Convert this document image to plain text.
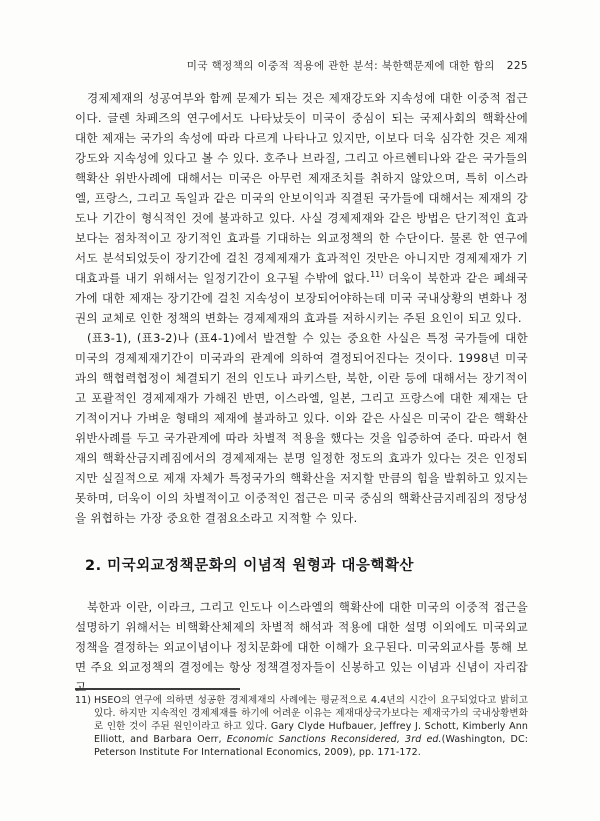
미국 핵정책의 이중적 적용에 관한 분석: 북한핵문제에 대한 함의 225

경제제재의 성공여부와 함께 문제가 되는 것은 제재강도와 지속성에 대한 이중적 접근이다. 글렌 차페즈의 연구에서도 나타났듯이 미국이 중심이 되는 국제사회의 핵확산에 대한 제재는 국가의 속성에 따라 다르게 나타나고 있지만, 이보다 더욱 심각한 것은 제재강도와 지속성에 있다고 볼 수 있다. 호주나 브라질, 그리고 아르헨티나와 같은 국가들의 핵확산 위반사례에 대해서는 미국은 아무런 제재조치를 취하지 않았으며, 특히 이스라엘, 프랑스, 그리고 독일과 같은 미국의 안보이익과 직결된 국가들에 대해서는 제재의 강도나 기간이 형식적인 것에 불과하고 있다. 사실 경제제재와 같은 방법은 단기적인 효과보다는 점차적이고 장기적인 효과를 기대하는 외교정책의 한 수단이다. 물론 한 연구에서도 분석되었듯이 장기간에 걸친 경제제재가 효과적인 것만은 아니지만 경제제재가 기대효과를 내기 위해서는 일정기간이 요구될 수밖에 없다.$^{11)}$ 더욱이 북한과 같은 폐쇄국가에 대한 제재는 장기간에 걸친 지속성이 보장되어야하는데 미국 국내상황의 변화나 정권의 교체로 인한 정책의 변화는 경제제재의 효과를 저하시키는 주된 요인이 되고 있다.

(표3-1), (표3-2)나 (표4-1)에서 발견할 수 있는 중요한 사실은 특정 국가들에 대한 미국의 경제제재기간이 미국과의 관계에 의하여 결정되어진다는 것이다. 1998년 미국과의 핵협력협정이 체결되기 전의 인도나 파키스탄, 북한, 이란 등에 대해서는 장기적이고 포괄적인 경제제재가 가해진 반면, 이스라엘, 일본, 그리고 프랑스에 대한 제재는 단기적이거나 가벼운 형태의 제재에 불과하고 있다. 이와 같은 사실은 미국이 같은 핵확산위반사례를 두고 국가관계에 따라 차별적 적용을 했다는 것을 입증하여 준다. 따라서 현재의 핵확산금지레짐에서의 경제제재는 분명 일정한 정도의 효과가 있다는 것은 인정되지만 실질적으로 제재 자체가 특정국가의 핵확산을 저지할 만큼의 힘을 발휘하고 있지는 못하며, 더욱이 이의 차별적이고 이중적인 접근은 미국 중심의 핵확산금지레짐의 정당성을 위협하는 가장 중요한 결점요소라고 지적할 수 있다.

2. 미국외교정책문화의 이념적 원형과 대응핵확산

북한과 이란, 이라크, 그리고 인도나 이스라엘의 핵확산에 대한 미국의 이중적 접근을 설명하기 위해서는 비핵확산체제의 차별적 해석과 적용에 대한 설명 이외에도 미국외교정책을 결정하는 외교이념이나 정치문화에 대한 이해가 요구된다. 미국외교사를 통해 보면 주요 외교정책의 결정에는 항상 정책결정자들이 신봉하고 있는 이념과 신념이 자리잡고

11) HSEO의 연구에 의하면 성공한 경제제재의 사례에는 평균적으로 4.4년의 시간이 요구되었다고 밝히고 있다. 하지만 지속적인 경제제재를 하기에 어려운 이유는 제재대상국가보다는 제재국가의 국내상황변화로 인한 것이 주된 원인이라고 하고 있다. Gary Clyde Hufbauer, Jeffrey J. Schott, Kimberly Ann Elliott, and Barbara Oerr, Economic Sanctions Reconsidered, 3rd ed.(Washington, DC: Peterson Institute For International Economics, 2009), pp. 171-172.
